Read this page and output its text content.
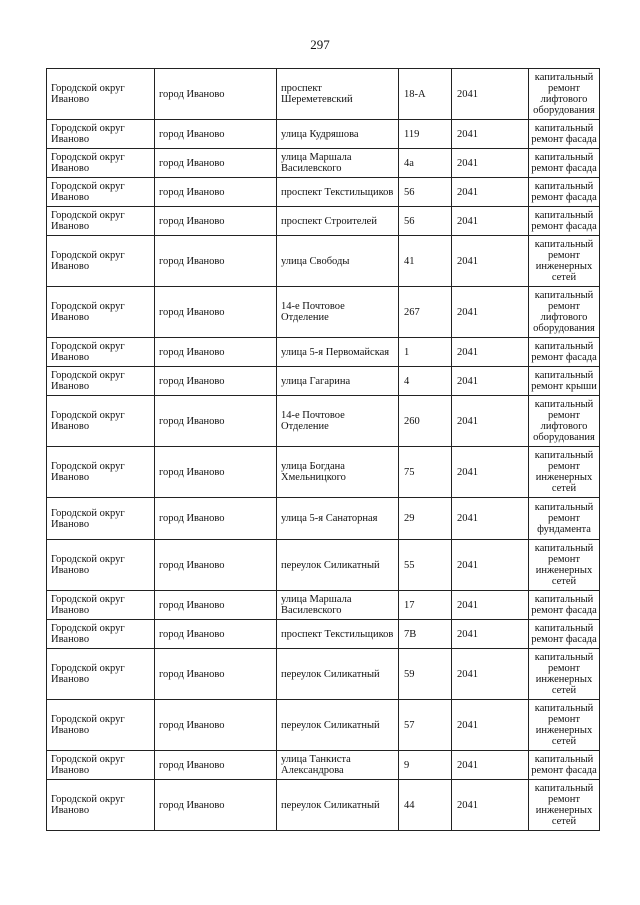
297
Городской округ Иваново	город Иваново	проспект Шереметевский	18-А	2041	капитальный ремонт лифтового оборудования
Городской округ Иваново	город Иваново	улица Кудряшова	119	2041	капитальный ремонт фасада
Городской округ Иваново	город Иваново	улица Маршала Василевского	4а	2041	капитальный ремонт фасада
Городской округ Иваново	город Иваново	проспект Текстильщиков	56	2041	капитальный ремонт фасада
Городской округ Иваново	город Иваново	проспект Строителей	56	2041	капитальный ремонт фасада
Городской округ Иваново	город Иваново	улица Свободы	41	2041	капитальный ремонт инженерных сетей
Городской округ Иваново	город Иваново	14-е Почтовое Отделение	267	2041	капитальный ремонт лифтового оборудования
Городской округ Иваново	город Иваново	улица 5-я Первомайская	1	2041	капитальный ремонт фасада
Городской округ Иваново	город Иваново	улица Гагарина	4	2041	капитальный ремонт крыши
Городской округ Иваново	город Иваново	14-е Почтовое Отделение	260	2041	капитальный ремонт лифтового оборудования
Городской округ Иваново	город Иваново	улица Богдана Хмельницкого	75	2041	капитальный ремонт инженерных сетей
Городской округ Иваново	город Иваново	улица 5-я Санаторная	29	2041	капитальный ремонт фундамента
Городской округ Иваново	город Иваново	переулок Силикатный	55	2041	капитальный ремонт инженерных сетей
Городской округ Иваново	город Иваново	улица Маршала Василевского	17	2041	капитальный ремонт фасада
Городской округ Иваново	город Иваново	проспект Текстильщиков	7В	2041	капитальный ремонт фасада
Городской округ Иваново	город Иваново	переулок Силикатный	59	2041	капитальный ремонт инженерных сетей
Городской округ Иваново	город Иваново	переулок Силикатный	57	2041	капитальный ремонт инженерных сетей
Городской округ Иваново	город Иваново	улица Танкиста Александрова	9	2041	капитальный ремонт фасада
Городской округ Иваново	город Иваново	переулок Силикатный	44	2041	капитальный ремонт инженерных сетей
